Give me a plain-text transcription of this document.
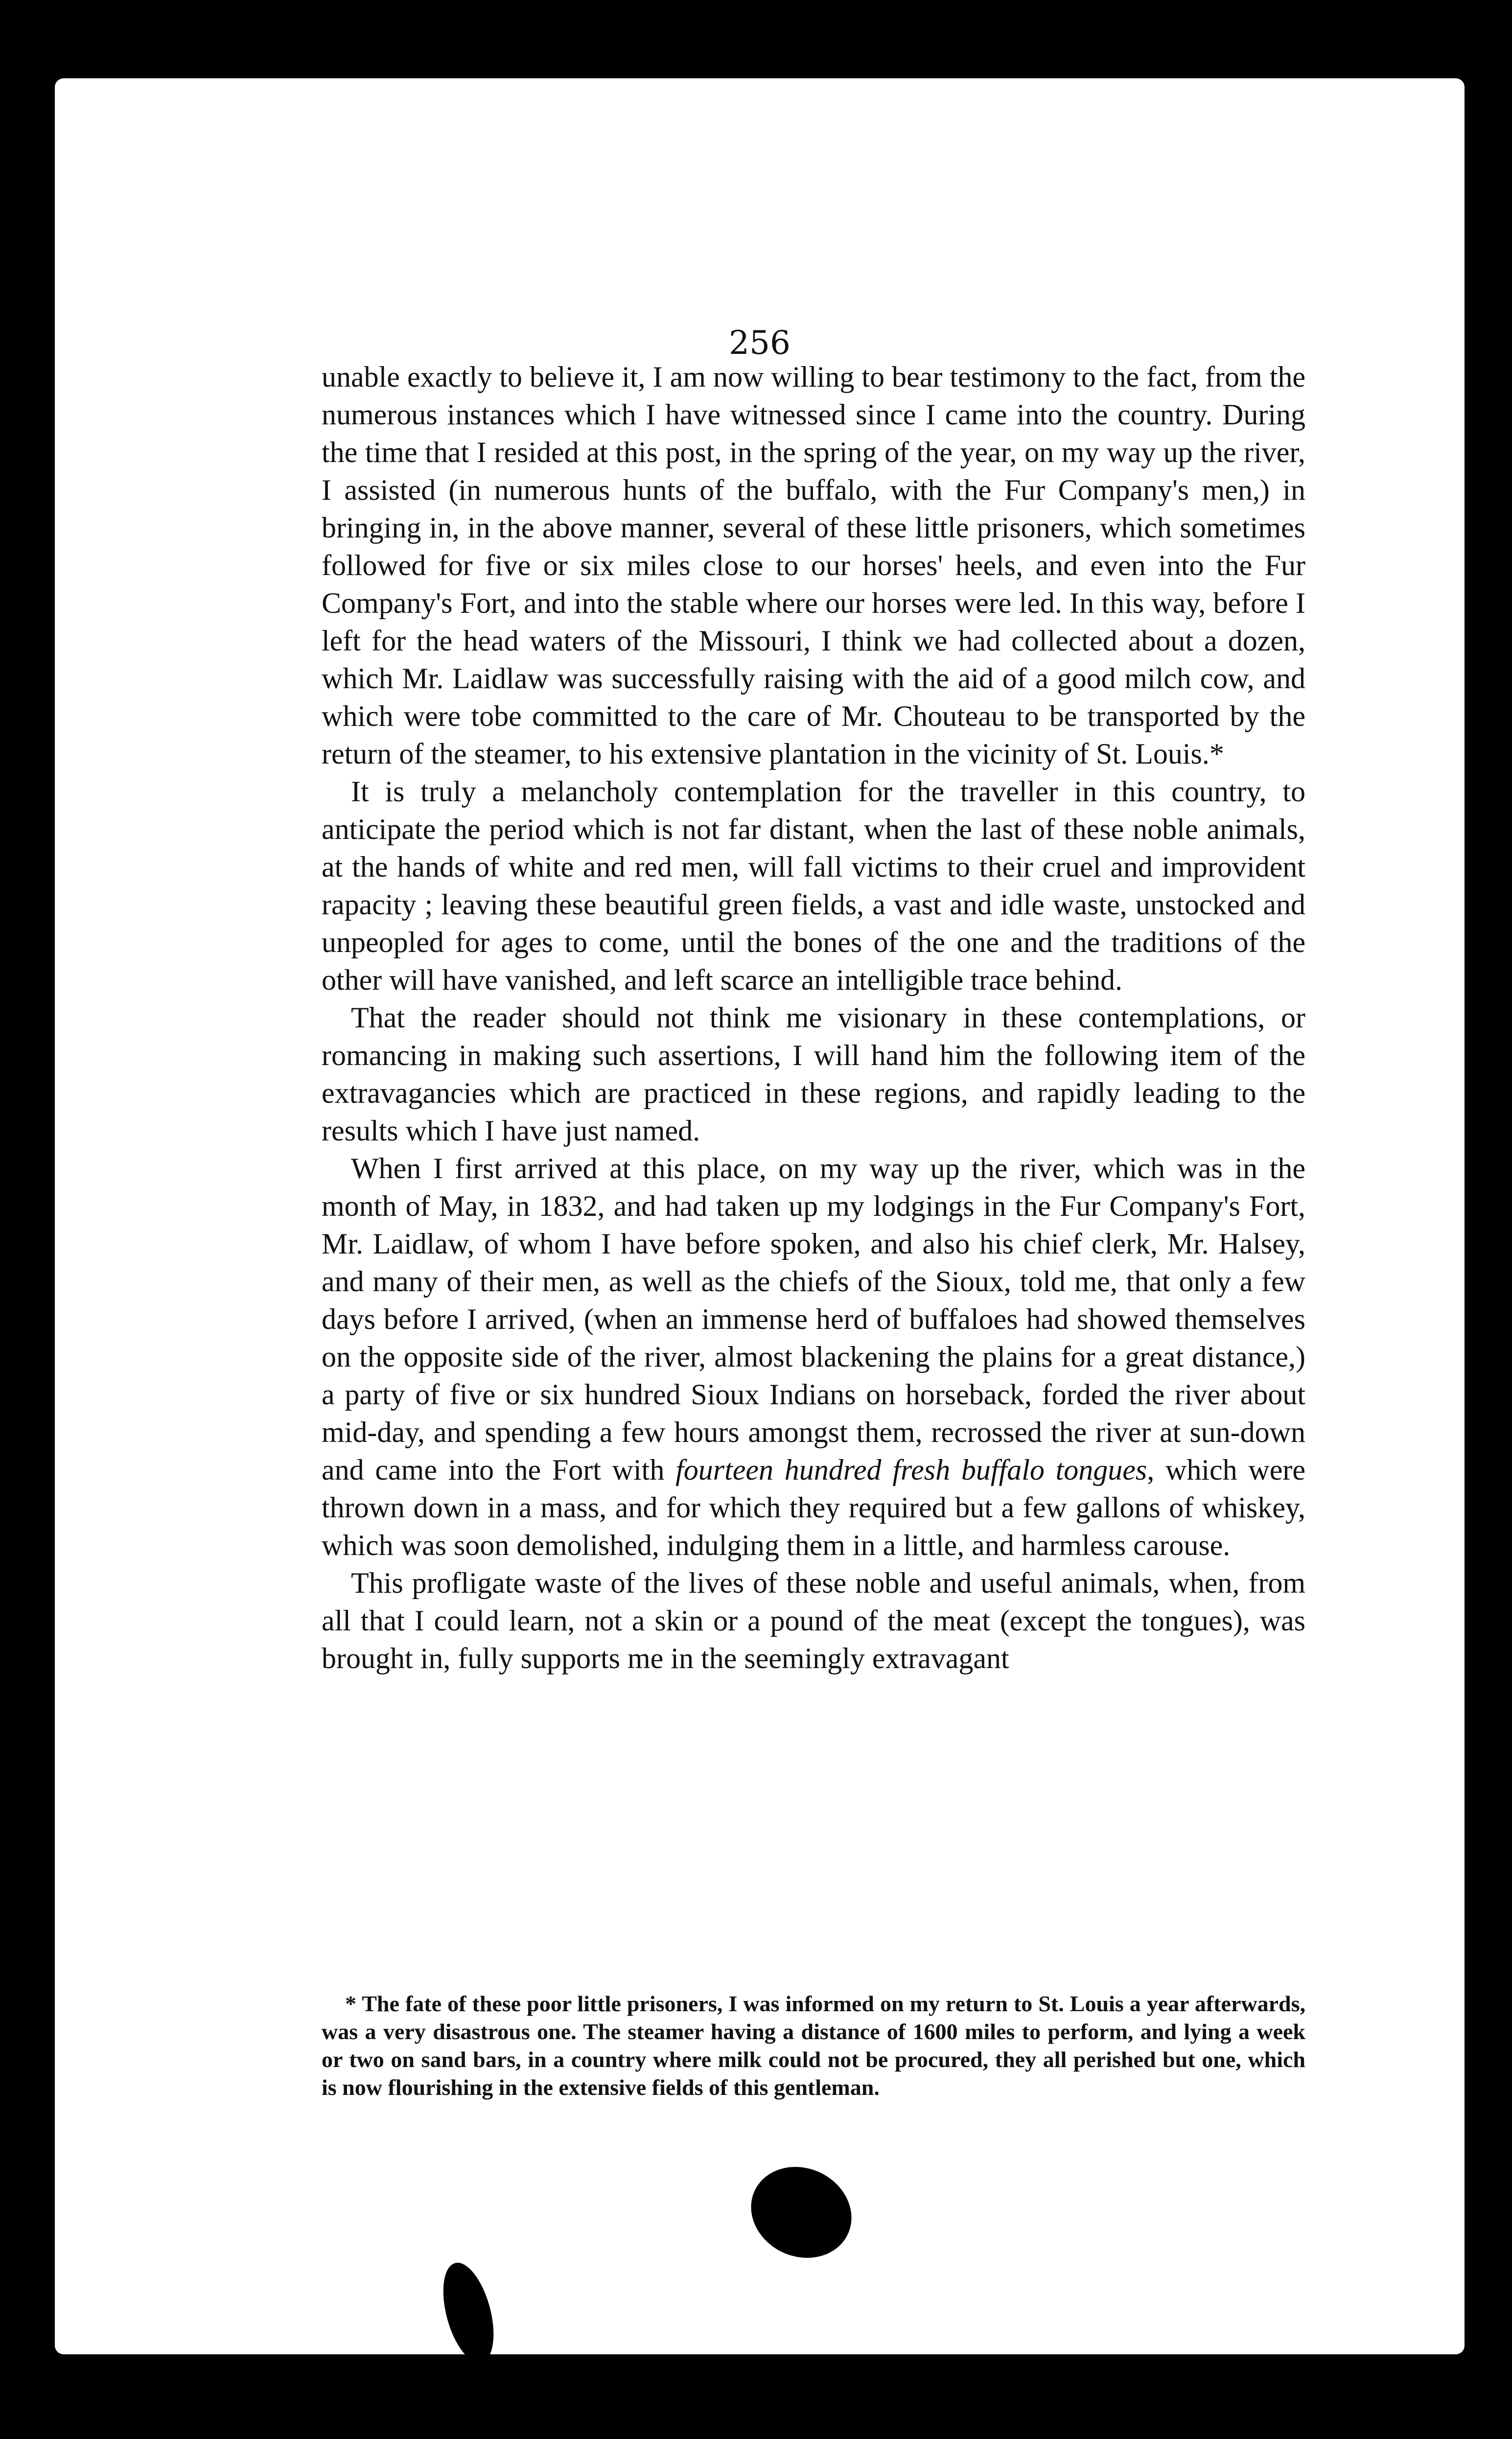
256

unable exactly to believe it, I am now willing to bear testimony to the fact, from the numerous instances which I have witnessed since I came into the country. During the time that I resided at this post, in the spring of the year, on my way up the river, I assisted (in numerous hunts of the buffalo, with the Fur Company's men,) in bringing in, in the above manner, several of these little prisoners, which sometimes followed for five or six miles close to our horses' heels, and even into the Fur Company's Fort, and into the stable where our horses were led. In this way, before I left for the head waters of the Missouri, I think we had collected about a dozen, which Mr. Laidlaw was successfully raising with the aid of a good milch cow, and which were tobe committed to the care of Mr. Chouteau to be transported by the return of the steamer, to his extensive plantation in the vicinity of St. Louis.*

It is truly a melancholy contemplation for the traveller in this country, to anticipate the period which is not far distant, when the last of these noble animals, at the hands of white and red men, will fall victims to their cruel and improvident rapacity ; leaving these beautiful green fields, a vast and idle waste, unstocked and unpeopled for ages to come, until the bones of the one and the traditions of the other will have vanished, and left scarce an intelligible trace behind.

That the reader should not think me visionary in these contemplations, or romancing in making such assertions, I will hand him the following item of the extravagancies which are practiced in these regions, and rapidly leading to the results which I have just named.

When I first arrived at this place, on my way up the river, which was in the month of May, in 1832, and had taken up my lodgings in the Fur Company's Fort, Mr. Laidlaw, of whom I have before spoken, and also his chief clerk, Mr. Halsey, and many of their men, as well as the chiefs of the Sioux, told me, that only a few days before I arrived, (when an immense herd of buffaloes had showed themselves on the opposite side of the river, almost blackening the plains for a great distance,) a party of five or six hundred Sioux Indians on horseback, forded the river about mid-day, and spending a few hours amongst them, recrossed the river at sun-down and came into the Fort with fourteen hundred fresh buffalo tongues, which were thrown down in a mass, and for which they required but a few gallons of whiskey, which was soon demolished, indulging them in a little, and harmless carouse.

This profligate waste of the lives of these noble and useful animals, when, from all that I could learn, not a skin or a pound of the meat (except the tongues), was brought in, fully supports me in the seemingly extravagant

* The fate of these poor little prisoners, I was informed on my return to St. Louis a year afterwards, was a very disastrous one. The steamer having a distance of 1600 miles to perform, and lying a week or two on sand bars, in a country where milk could not be procured, they all perished but one, which is now flourishing in the extensive fields of this gentleman.
